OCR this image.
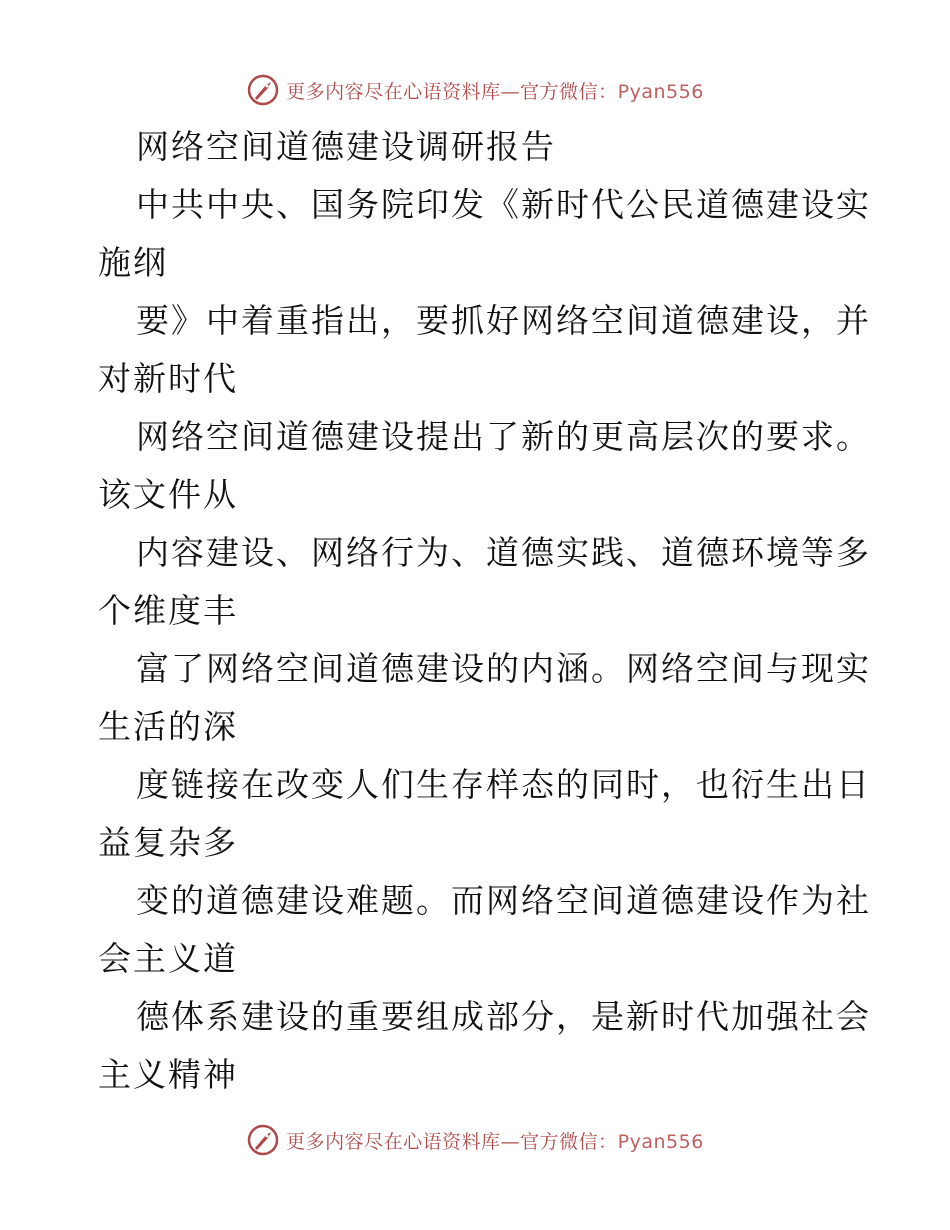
更多内容尽在心语资料库—官方微信：Pyan556
网络空间道德建设调研报告
中共中央、国务院印发《新时代公民道德建设实
施纲
要》中着重指出，要抓好网络空间道德建设，并
对新时代
网络空间道德建设提出了新的更高层次的要求。
该文件从
内容建设、网络行为、道德实践、道德环境等多
个维度丰
富了网络空间道德建设的内涵。网络空间与现实
生活的深
度链接在改变人们生存样态的同时，也衍生出日
益复杂多
变的道德建设难题。而网络空间道德建设作为社
会主义道
德体系建设的重要组成部分，是新时代加强社会
主义精神
更多内容尽在心语资料库—官方微信：Pyan556
